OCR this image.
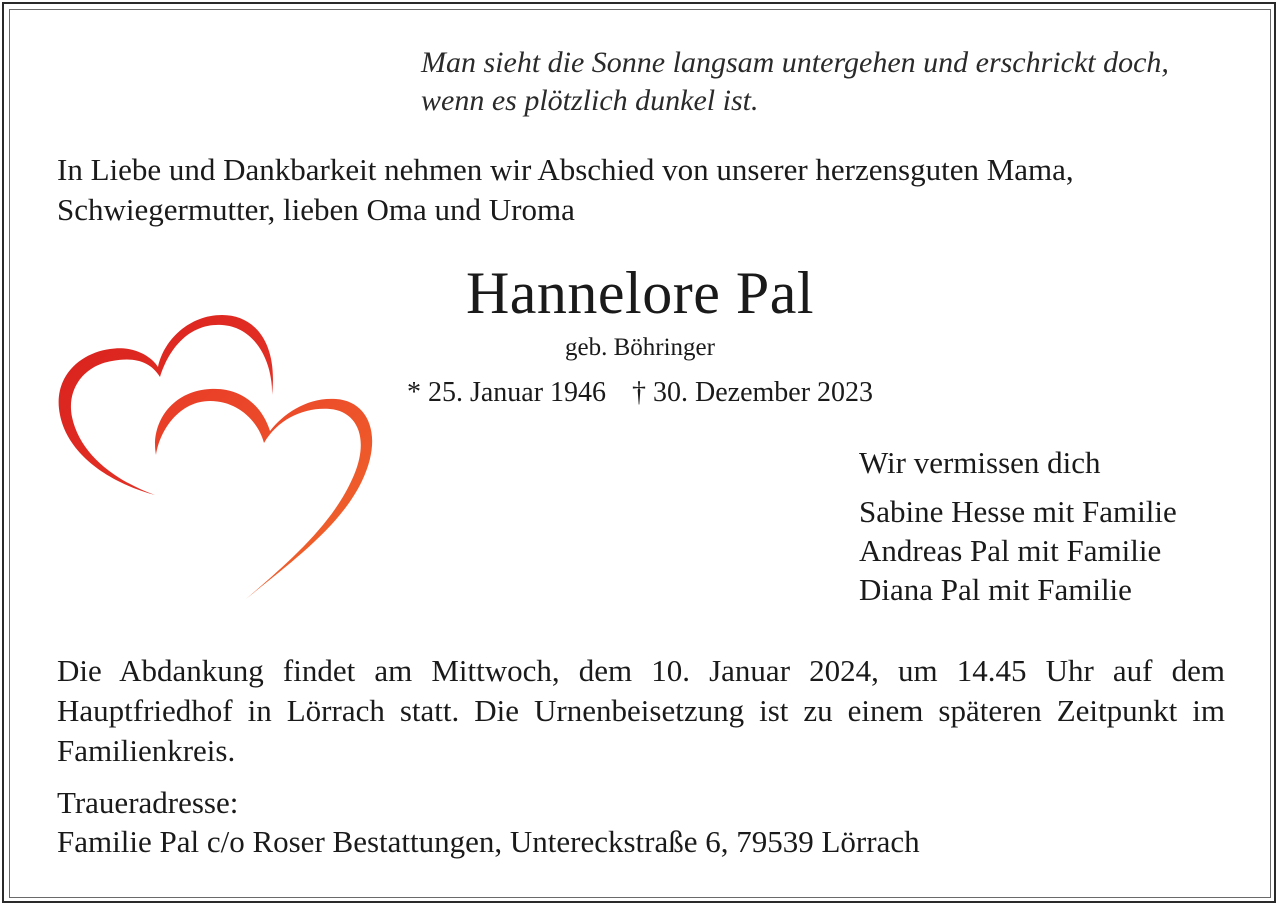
Man sieht die Sonne langsam untergehen und erschrickt doch,
wenn es plötzlich dunkel ist.

In Liebe und Dankbarkeit nehmen wir Abschied von unserer herzensguten Mama,
Schwiegermutter, lieben Oma und Uroma

Hannelore Pal

geb. Böhringer

* 25. Januar 1946 † 30. Dezember 2023

Wir vermissen dich

Sabine Hesse mit Familie
Andreas Pal mit Familie
Diana Pal mit Familie

Die Abdankung findet am Mittwoch, dem 10. Januar 2024, um 14.45 Uhr auf dem Hauptfriedhof in Lörrach statt. Die Urnenbeisetzung ist zu einem späteren Zeitpunkt im Familienkreis.

Traueradresse:

Familie Pal c/o Roser Bestattungen, Untereckstraße 6, 79539 Lörrach
